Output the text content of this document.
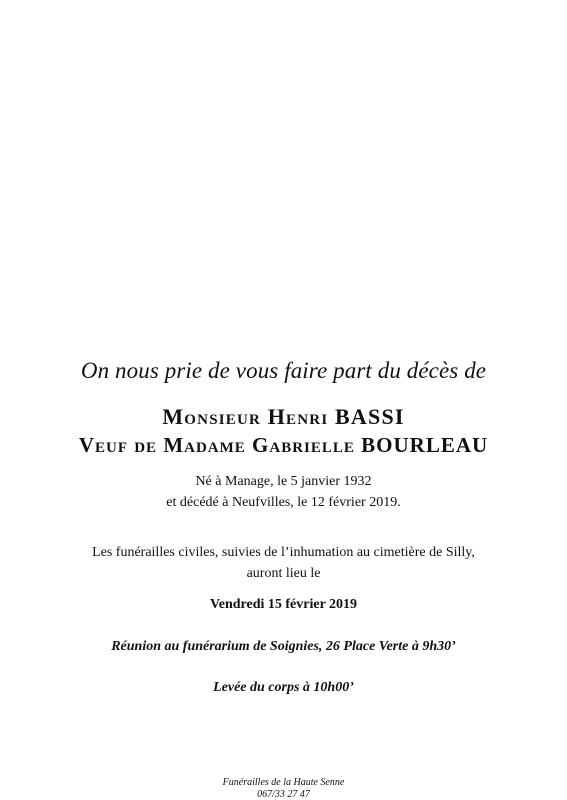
On nous prie de vous faire part du décès de
Monsieur Henri BASSI
Veuf de Madame Gabrielle BOURLEAU
Né à Manage, le 5 janvier 1932
et décédé à Neufvilles, le 12 février 2019.
Les funérailles civiles, suivies de l’inhumation au cimetière de Silly,
auront lieu le
Vendredi 15 février 2019
Réunion au funérarium de Soignies, 26 Place Verte à 9h30’
Levée du corps à 10h00’
Funérailles de la Haute Senne
067/33 27 47
